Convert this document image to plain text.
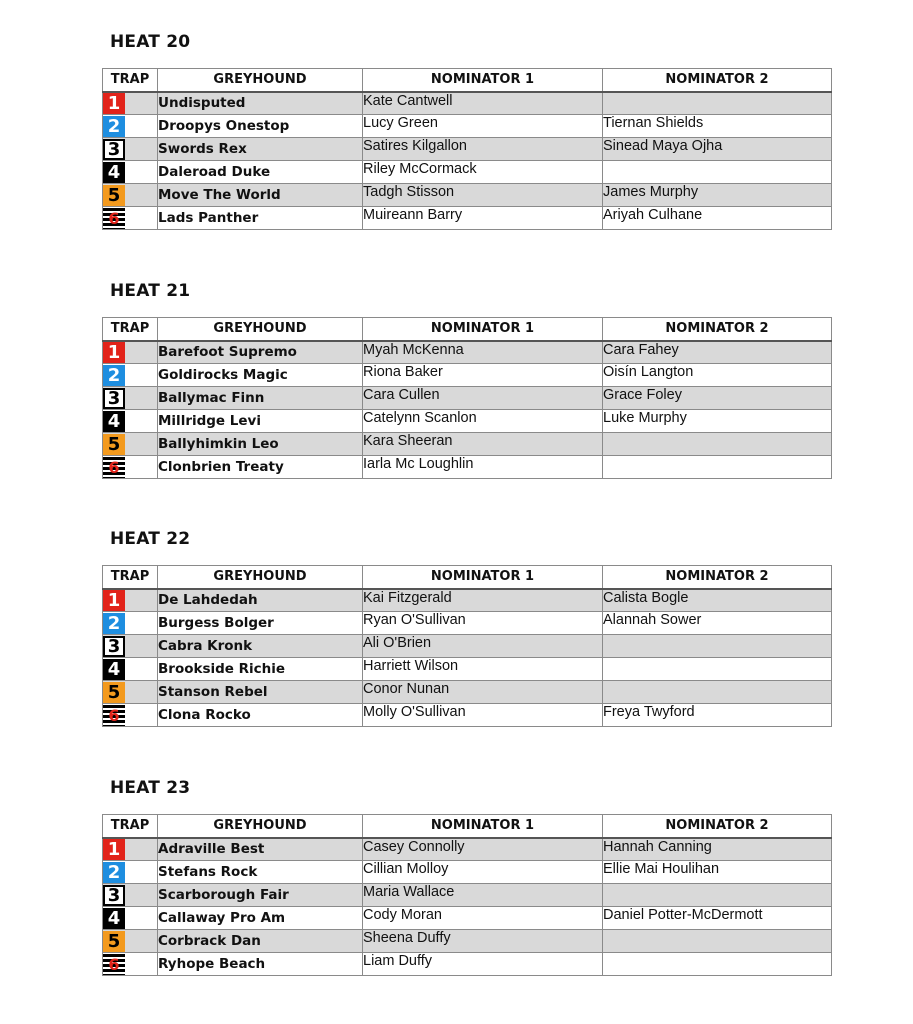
HEAT 20
TRAP	GREYHOUND	NOMINATOR 1	NOMINATOR 2
1	Undisputed	Kate Cantwell	
2	Droopys Onestop	Lucy Green	Tiernan Shields
3	Swords Rex	Satires Kilgallon	Sinead Maya Ojha
4	Daleroad Duke	Riley McCormack	
5	Move The World	Tadgh Stisson	James Murphy
6	Lads Panther	Muireann Barry	Ariyah Culhane
HEAT 21
TRAP	GREYHOUND	NOMINATOR 1	NOMINATOR 2
1	Barefoot Supremo	Myah McKenna	Cara Fahey
2	Goldirocks Magic	Riona Baker	Oisín Langton
3	Ballymac Finn	Cara Cullen	Grace Foley
4	Millridge Levi	Catelynn Scanlon	Luke Murphy
5	Ballyhimkin Leo	Kara Sheeran	
6	Clonbrien Treaty	Iarla Mc Loughlin	
HEAT 22
TRAP	GREYHOUND	NOMINATOR 1	NOMINATOR 2
1	De Lahdedah	Kai Fitzgerald	Calista Bogle
2	Burgess Bolger	Ryan O'Sullivan	Alannah Sower
3	Cabra Kronk	Ali O'Brien	
4	Brookside Richie	Harriett Wilson	
5	Stanson Rebel	Conor Nunan	
6	Clona Rocko	Molly O'Sullivan	Freya Twyford
HEAT 23
TRAP	GREYHOUND	NOMINATOR 1	NOMINATOR 2
1	Adraville Best	Casey Connolly	Hannah Canning
2	Stefans Rock	Cillian Molloy	Ellie Mai Houlihan
3	Scarborough Fair	Maria Wallace	
4	Callaway Pro Am	Cody Moran	Daniel Potter-McDermott
5	Corbrack Dan	Sheena Duffy	
6	Ryhope Beach	Liam Duffy	
